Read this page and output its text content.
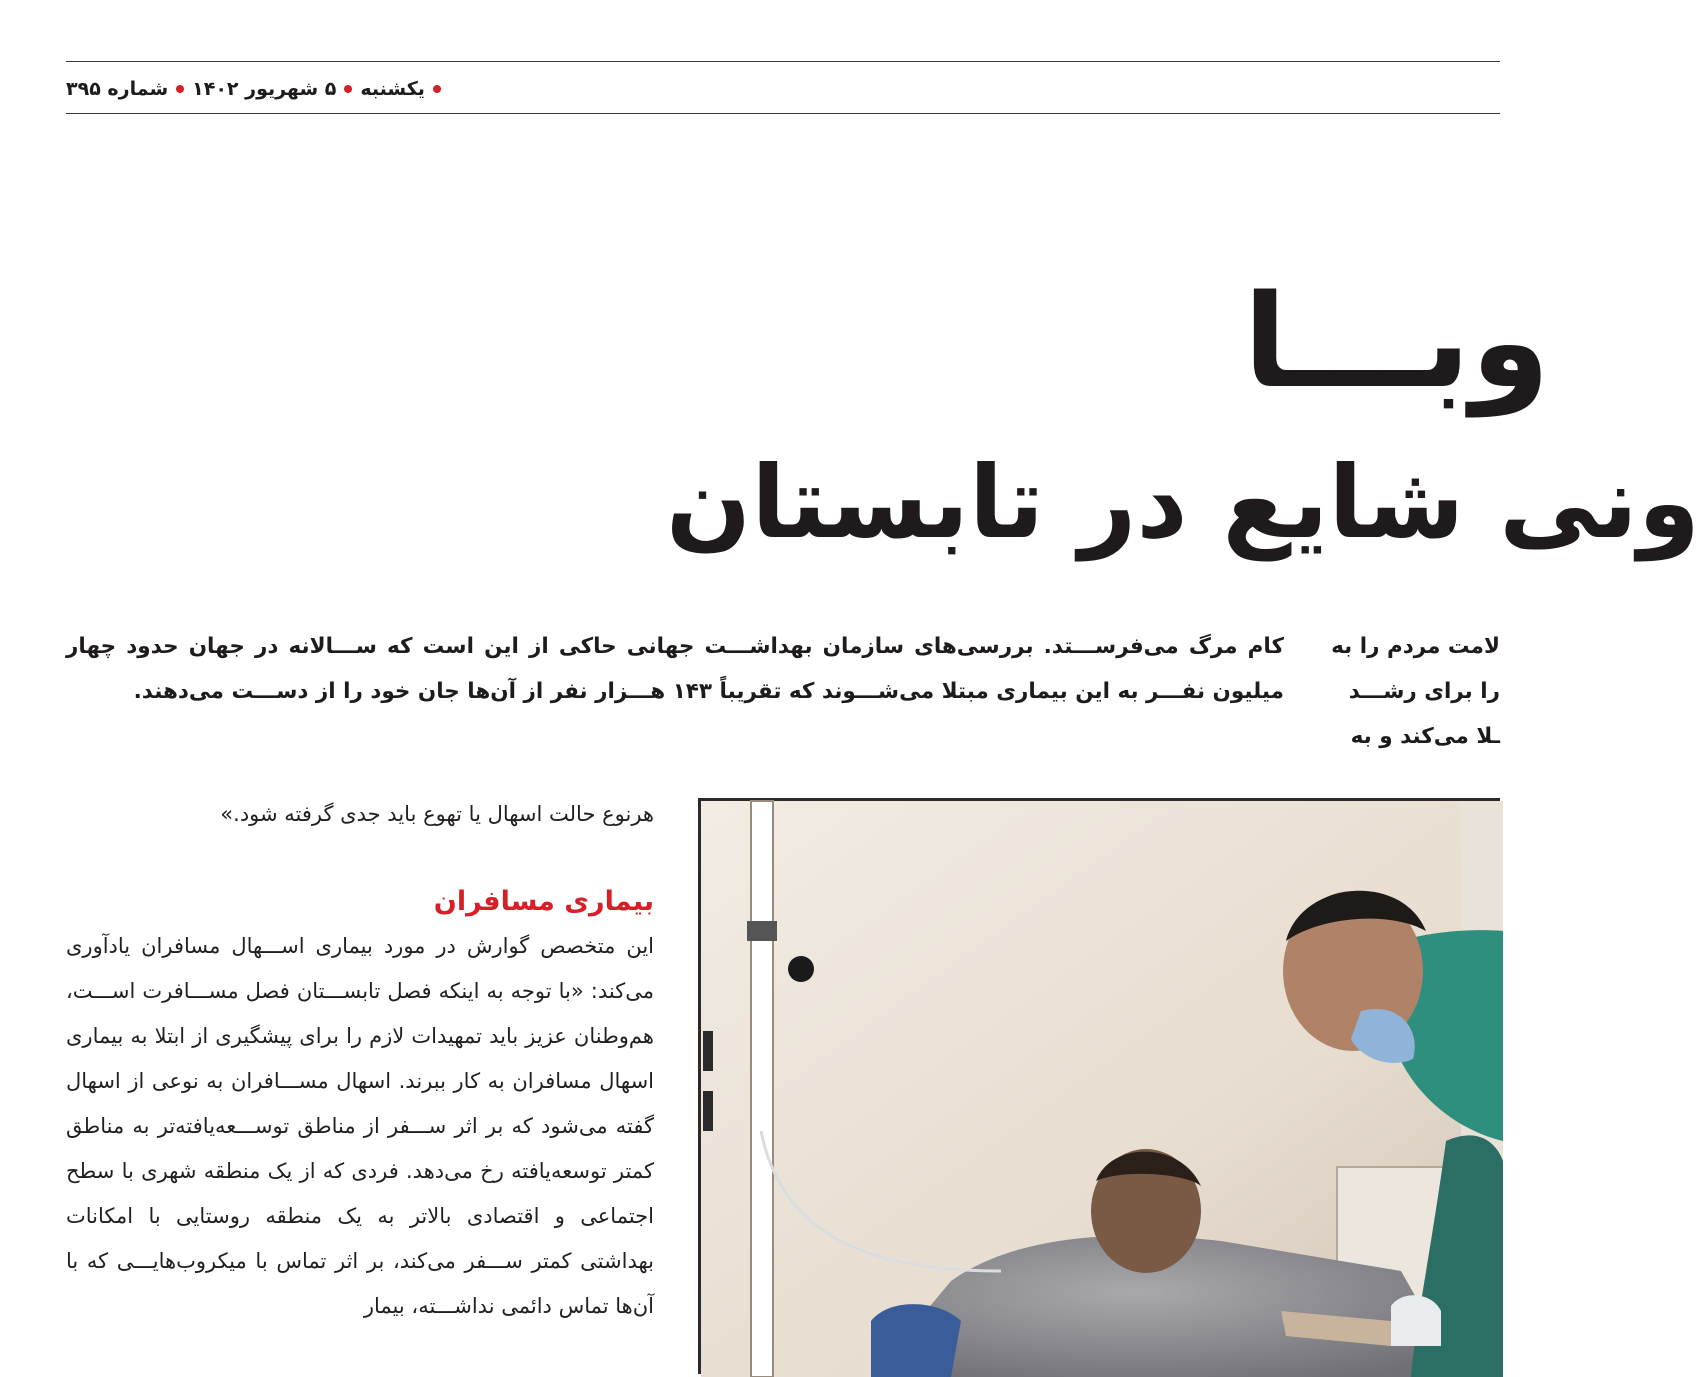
یکشنبه
۵ شهریور ۱۴۰۲
شماره ۳۹۵
وبـــا
ونی شایع در تابستان

کام مرگ می‌فرســـتد. بررسی‌های سازمان بهداشـــت جهانی حاکی از این است که ســـالانه در جهان حدود چهار میلیون نفـــر به این بیماری مبتلا می‌شـــوند که تقریباً ۱۴۳ هـــزار نفر از آن‌ها جان خود را از دســـت می‌دهند.

لامت مردم را به
را برای رشـــد
ـلا می‌کند و به

هرنوع حالت اسهال یا تهوع باید جدی گرفته شود.»

بیماری مسافران

این متخصص گوارش در مورد بیماری اســـهال مسافران یادآوری می‌کند: «با توجه به اینکه فصل تابســـتان فصل مســـافرت اســـت، هم‌وطنان عزیز باید تمهیدات لازم را برای پیشگیری از ابتلا به بیماری اسهال مسافران به کار ببرند. اسهال مســـافران به نوعی از اسهال گفته می‌شود که بر اثر ســـفر از مناطق توســـعه‌یافته‌تر به مناطق کمتر توسعه‌یافته رخ می‌دهد. فردی که از یک منطقه شهری با سطح اجتماعی و اقتصادی بالاتر به یک منطقه روستایی با امکانات بهداشتی کمتر ســـفر می‌کند، بر اثر تماس با میکروب‌هایـــی که با آن‌ها تماس دائمی نداشـــته، بیمار
